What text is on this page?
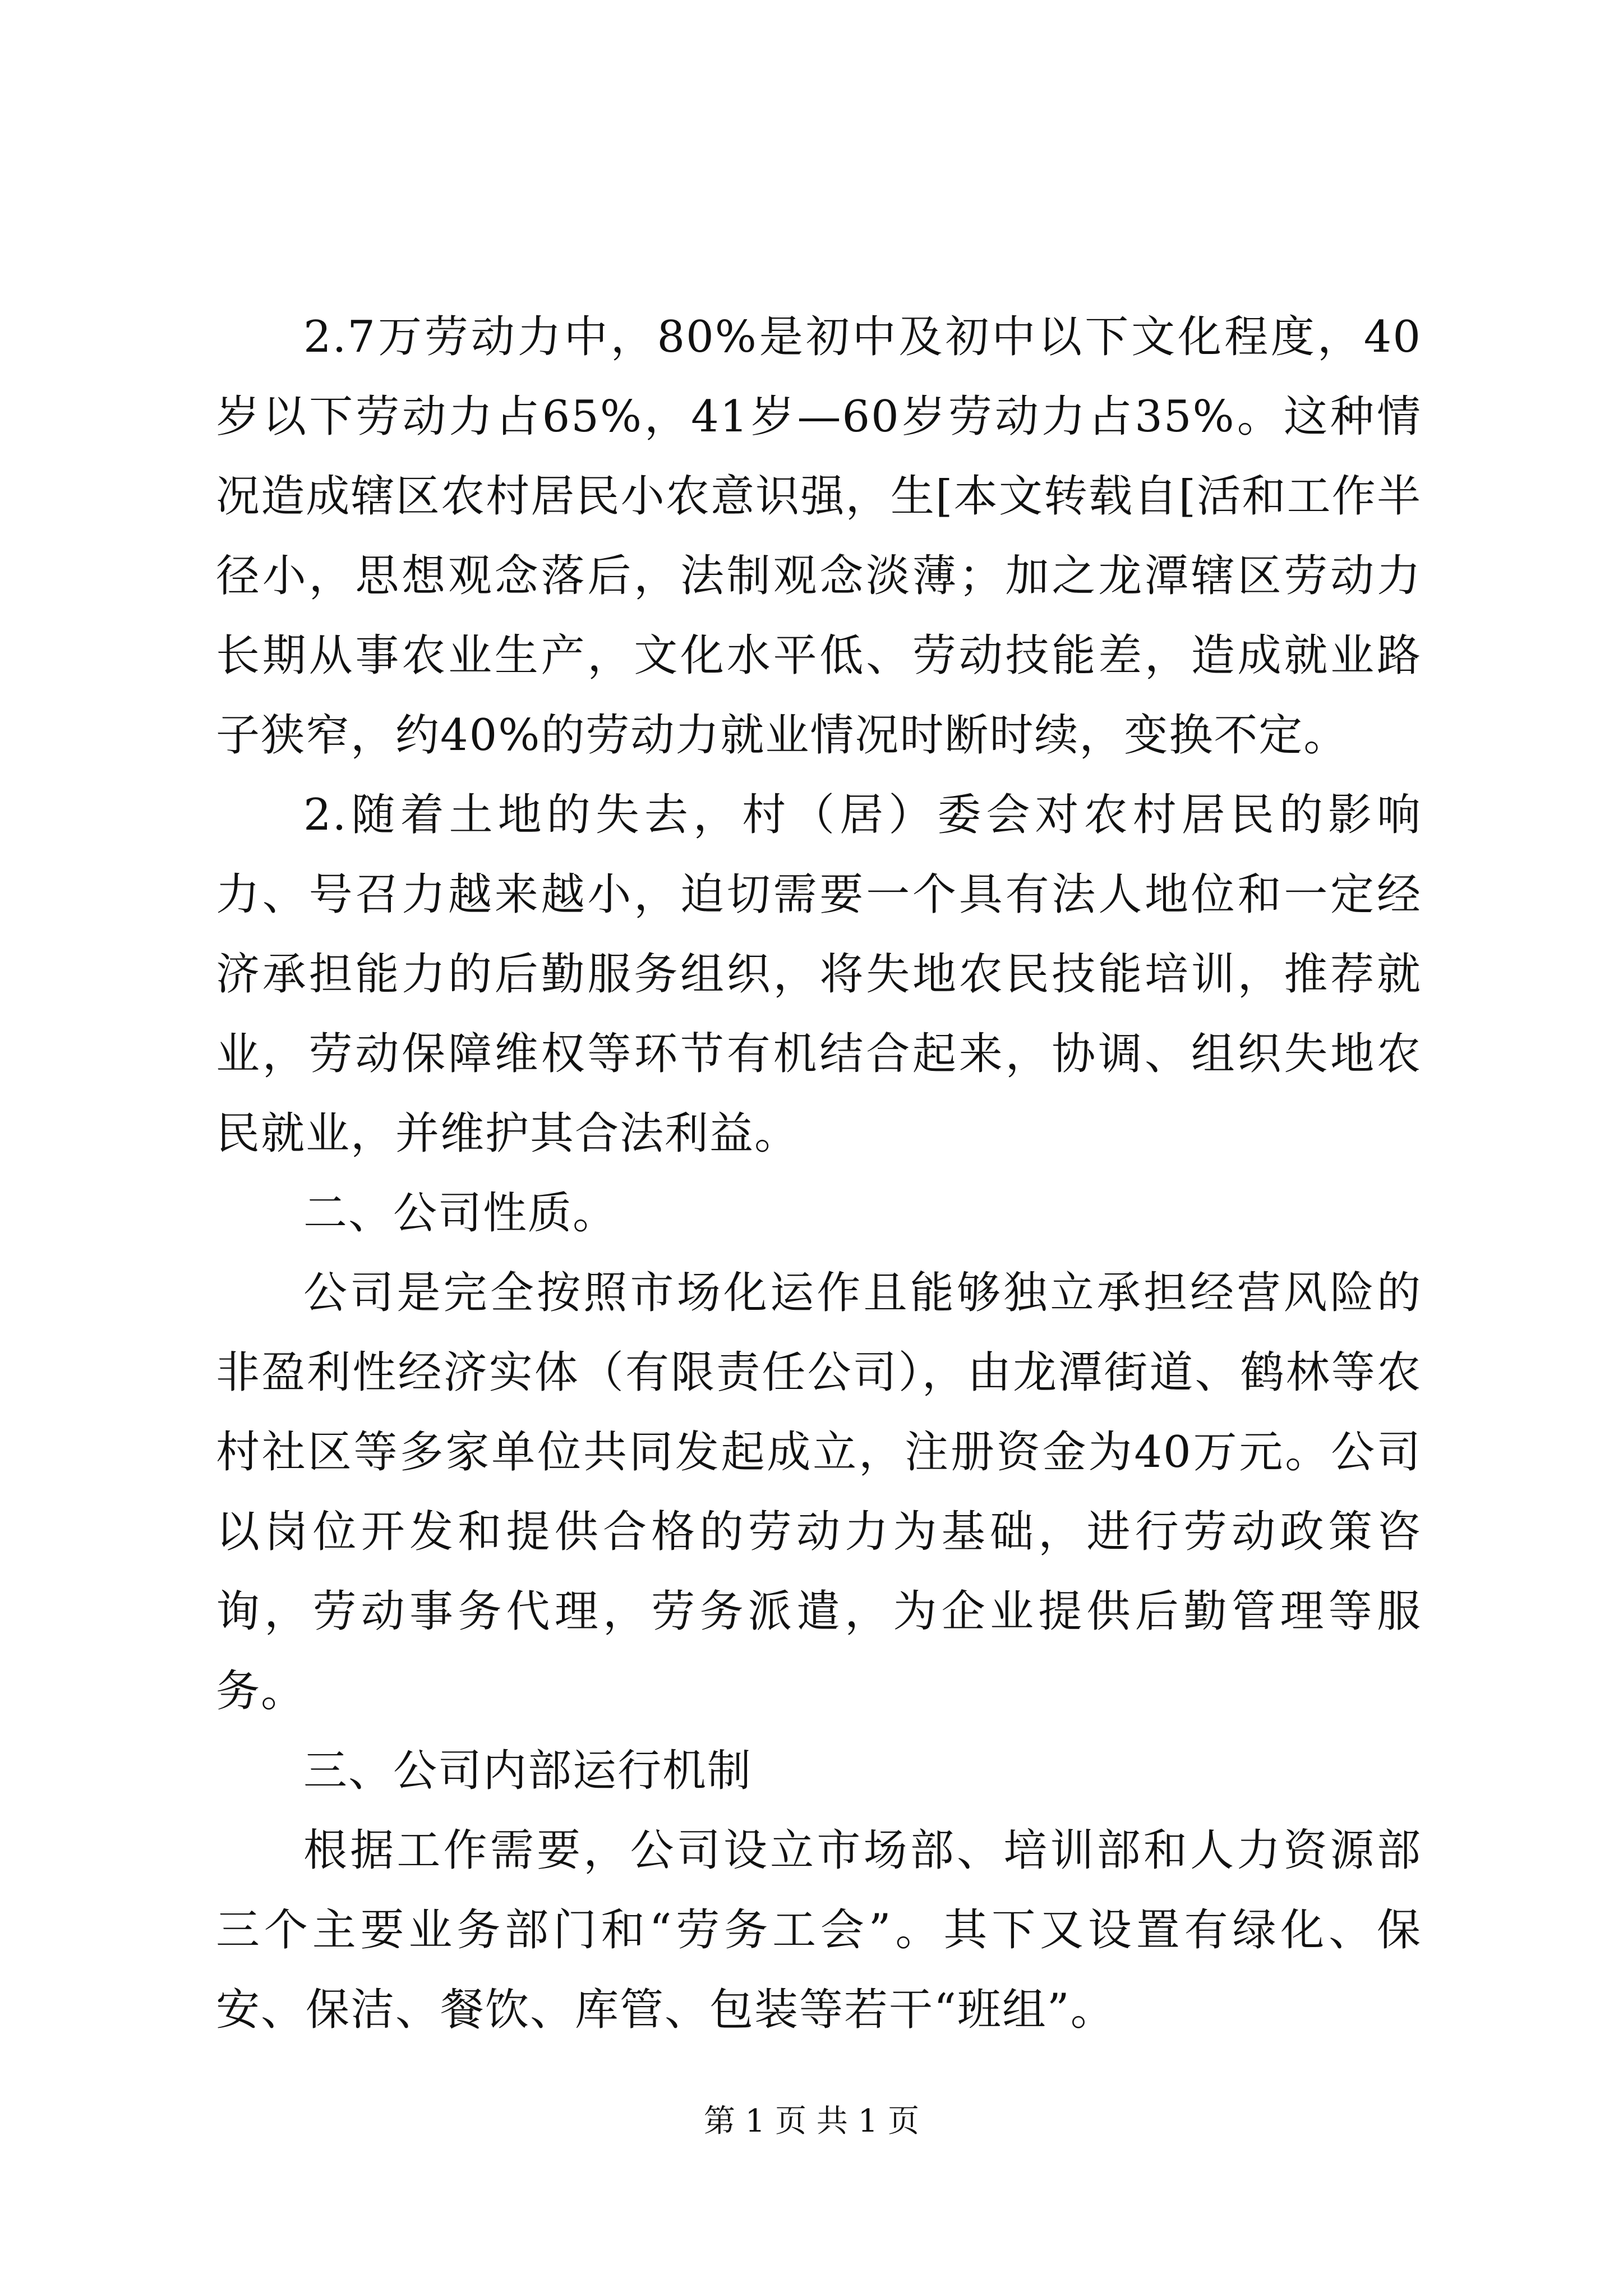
2.7万劳动力中，80%是初中及初中以下文化程度，40岁以下劳动力占65%，41岁—60岁劳动力占35%。这种情况造成辖区农村居民小农意识强，生[本文转载自[活和工作半径小，思想观念落后，法制观念淡薄；加之龙潭辖区劳动力长期从事农业生产，文化水平低、劳动技能差，造成就业路子狭窄，约40%的劳动力就业情况时断时续，变换不定。

2.随着土地的失去，村（居）委会对农村居民的影响力、号召力越来越小，迫切需要一个具有法人地位和一定经济承担能力的后勤服务组织，将失地农民技能培训，推荐就业，劳动保障维权等环节有机结合起来，协调、组织失地农民就业，并维护其合法利益。

二、公司性质。

公司是完全按照市场化运作且能够独立承担经营风险的非盈利性经济实体（有限责任公司），由龙潭街道、鹤林等农村社区等多家单位共同发起成立，注册资金为40万元。公司以岗位开发和提供合格的劳动力为基础，进行劳动政策咨询，劳动事务代理，劳务派遣，为企业提供后勤管理等服务。

三、公司内部运行机制

根据工作需要，公司设立市场部、培训部和人力资源部三个主要业务部门和“劳务工会”。其下又设置有绿化、保安、保洁、餐饮、库管、包装等若干“班组”。

第 1 页 共 1 页
